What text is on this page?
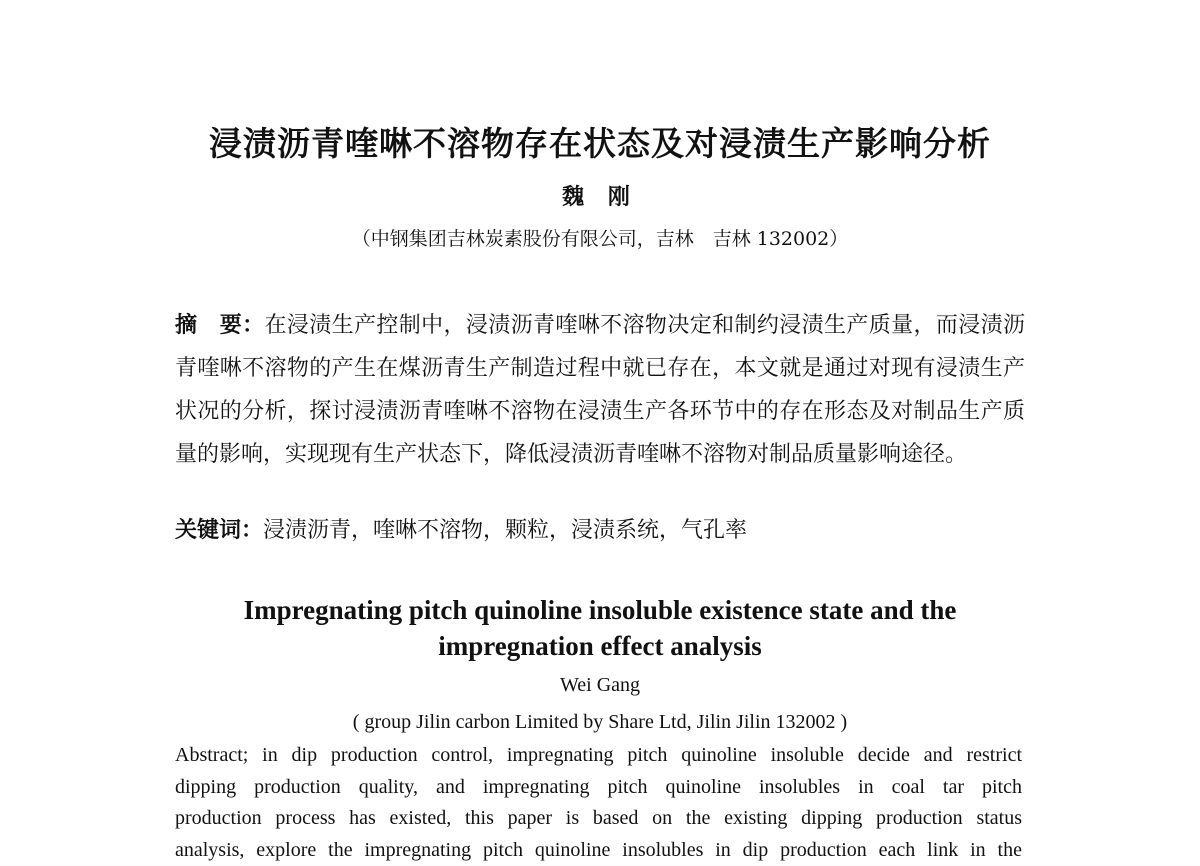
浸渍沥青喹啉不溶物存在状态及对浸渍生产影响分析
魏 刚
（中钢集团吉林炭素股份有限公司，吉林　吉林 132002）
摘　要：在浸渍生产控制中，浸渍沥青喹啉不溶物决定和制约浸渍生产质量，而浸渍沥青喹啉不溶物的产生在煤沥青生产制造过程中就已存在，本文就是通过对现有浸渍生产状况的分析，探讨浸渍沥青喹啉不溶物在浸渍生产各环节中的存在形态及对制品生产质量的影响，实现现有生产状态下，降低浸渍沥青喹啉不溶物对制品质量影响途径。
关键词：浸渍沥青，喹啉不溶物，颗粒，浸渍系统，气孔率
Impregnating pitch quinoline insoluble existence state and the
impregnation effect analysis
Wei Gang
( group Jilin carbon Limited by Share Ltd, Jilin Jilin 132002 )
Abstract; in dip production control, impregnating pitch quinoline insoluble decide and restrict
dipping production quality, and impregnating pitch quinoline insolubles in coal tar pitch
production process has existed, this paper is based on the existing dipping production status
analysis, explore the impregnating pitch quinoline insolubles in dip production each link in the
